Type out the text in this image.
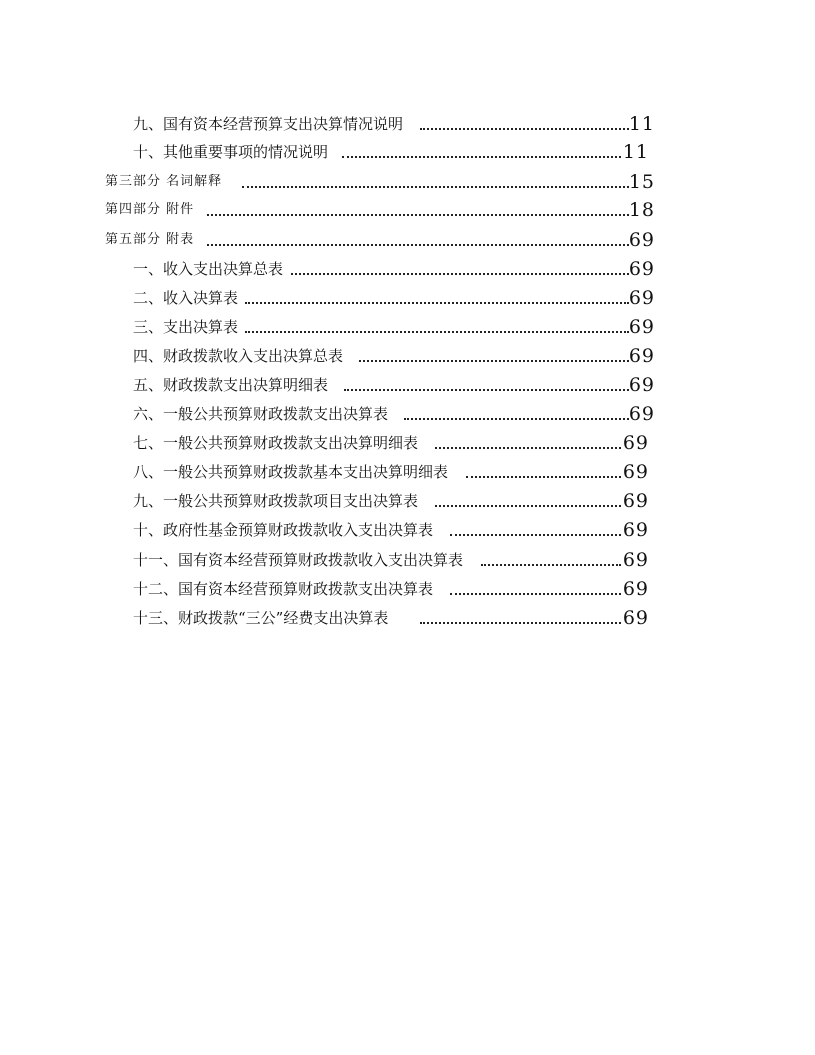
九、国有资本经营预算支出决算情况说明	11
十、其他重要事项的情况说明	11
第三部分 名词解释	15
第四部分 附件	18
第五部分 附表	69
一、收入支出决算总表	69
二、收入决算表	69
三、支出决算表	69
四、财政拨款收入支出决算总表	69
五、财政拨款支出决算明细表	69
六、一般公共预算财政拨款支出决算表	69
七、一般公共预算财政拨款支出决算明细表	69
八、一般公共预算财政拨款基本支出决算明细表	69
九、一般公共预算财政拨款项目支出决算表	69
十、政府性基金预算财政拨款收入支出决算表	69
十一、国有资本经营预算财政拨款收入支出决算表	69
十二、国有资本经营预算财政拨款支出决算表	69
十三、财政拨款“三公”经费支出决算表	69
